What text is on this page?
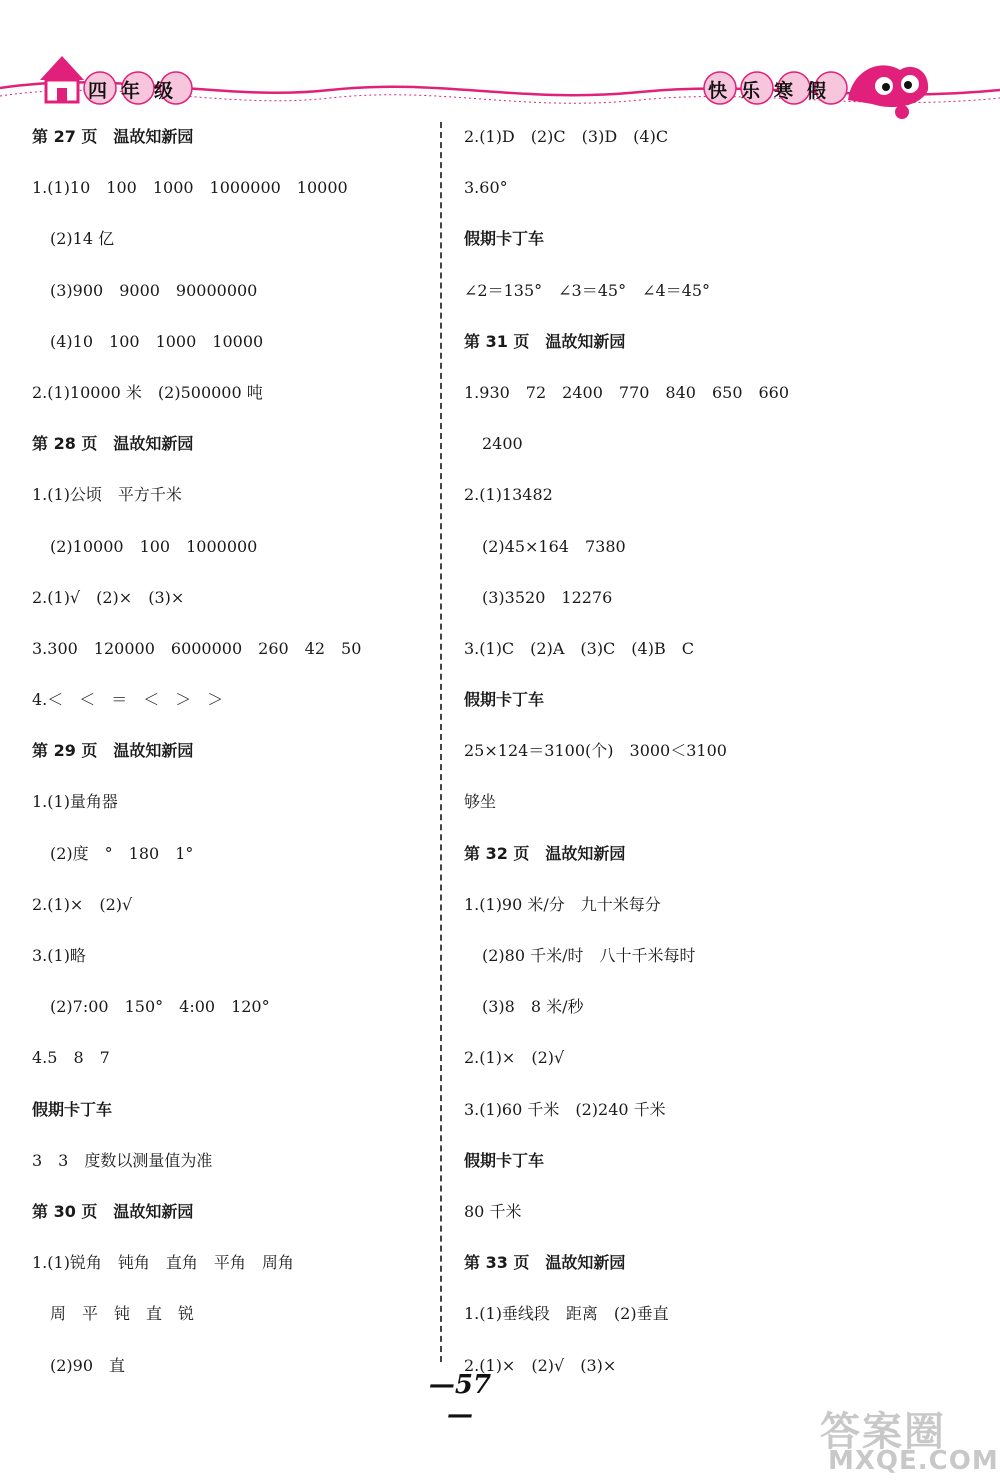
四年级	快乐寒假
第 27 页　温故知新园
1.(1)10　100　1000　1000000　10000
(2)14 亿
(3)900　9000　90000000
(4)10　100　1000　10000
2.(1)10000 米　(2)500000 吨
第 28 页　温故知新园
1.(1)公顷　平方千米
(2)10000　100　1000000
2.(1)√　(2)×　(3)×
3.300　120000　6000000　260　42　50
4.＜　＜　＝　＜　＞　＞
第 29 页　温故知新园
1.(1)量角器
(2)度　°　180　1°
2.(1)×　(2)√
3.(1)略
(2)7:00　150°　4:00　120°
4.5　8　7
假期卡丁车
3　3　度数以测量值为准
第 30 页　温故知新园
1.(1)锐角　钝角　直角　平角　周角
周　平　钝　直　锐
(2)90　直
2.(1)D　(2)C　(3)D　(4)C
3.60°
假期卡丁车
∠2＝135°　∠3＝45°　∠4＝45°
第 31 页　温故知新园
1.930　72　2400　770　840　650　660
2400
2.(1)13482
(2)45×164　7380
(3)3520　12276
3.(1)C　(2)A　(3)C　(4)B　C
假期卡丁车
25×124＝3100(个)　3000＜3100
够坐
第 32 页　温故知新园
1.(1)90 米/分　九十米每分
(2)80 千米/时　八十千米每时
(3)8　8 米/秒
2.(1)×　(2)√
3.(1)60 千米　(2)240 千米
假期卡丁车
80 千米
第 33 页　温故知新园
1.(1)垂线段　距离　(2)垂直
2.(1)×　(2)√　(3)×
—57 —	答案圈
MXQE.COM
